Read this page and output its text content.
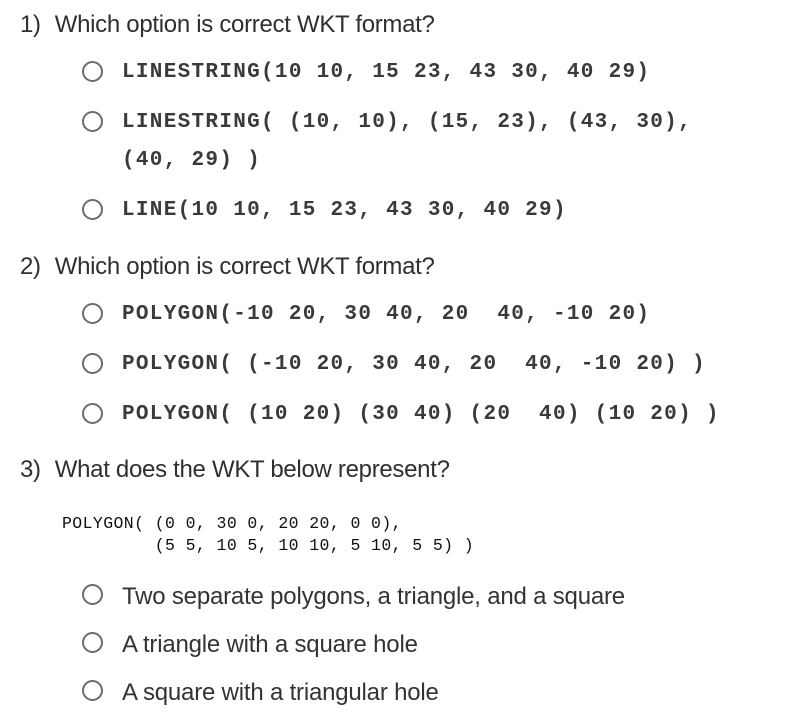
1) Which option is correct WKT format?
LINESTRING(10 10, 15 23, 43 30, 40 29)
LINESTRING( (10, 10), (15, 23), (43, 30),
(40, 29) )
LINE(10 10, 15 23, 43 30, 40 29)
2) Which option is correct WKT format?
POLYGON(-10 20, 30 40, 20  40, -10 20)
POLYGON( (-10 20, 30 40, 20  40, -10 20) )
POLYGON( (10 20) (30 40) (20  40) (10 20) )
3) What does the WKT below represent?
POLYGON( (0 0, 30 0, 20 20, 0 0),
(5 5, 10 5, 10 10, 5 10, 5 5) )
Two separate polygons, a triangle, and a square
A triangle with a square hole
A square with a triangular hole
